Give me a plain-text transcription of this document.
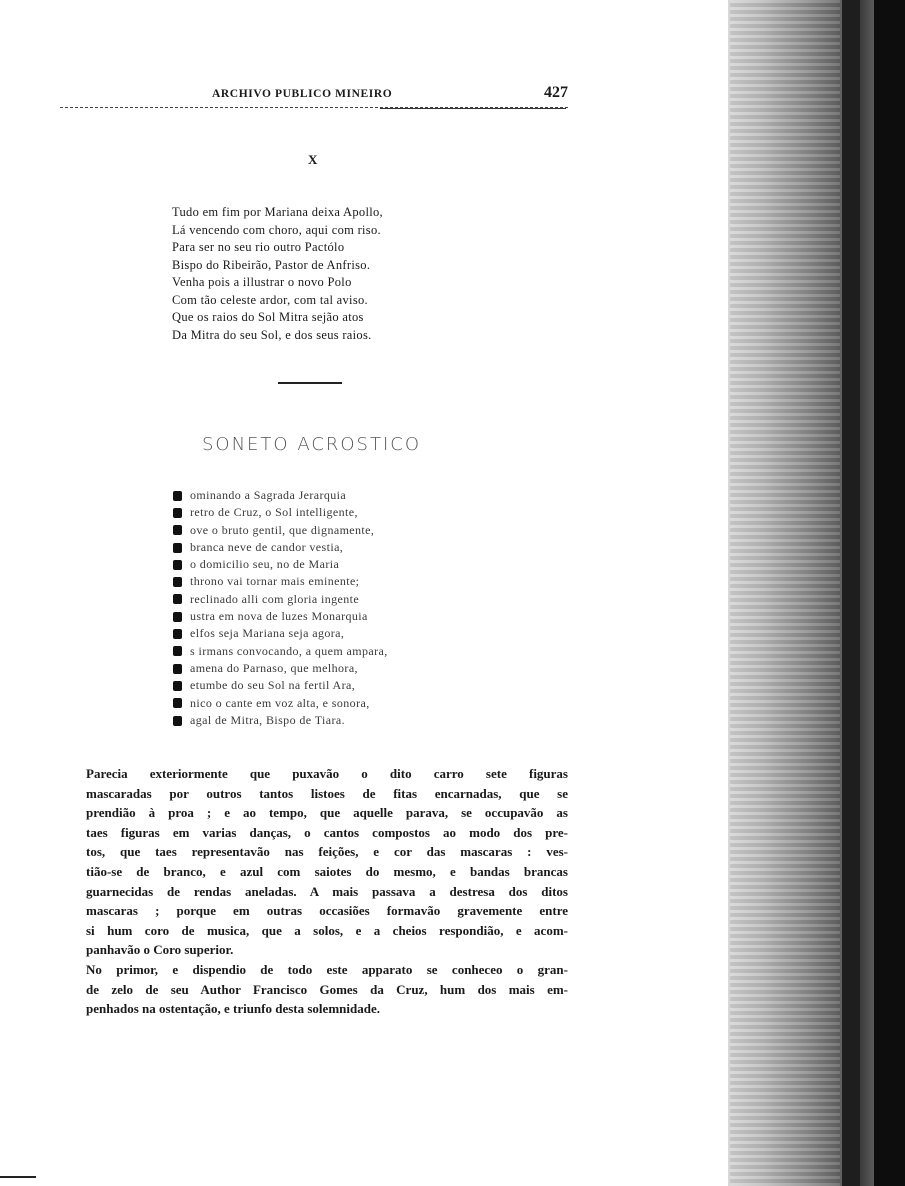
ARCHIVO PUBLICO MINEIRO	427
X
Tudo em fim por Mariana deixa Apollo,
Lá vencendo com choro, aqui com riso.
Para ser no seu rio outro Pactólo
Bispo do Ribeirão, Pastor de Anfriso.
Venha pois a illustrar o novo Polo
Com tão celeste ardor, com tal aviso.
Que os raios do Sol Mitra sejão atos
Da Mitra do seu Sol, e dos seus raios.
SONETO ACROSTICO
ominando a Sagrada Jerarquia
retro de Cruz, o Sol intelligente,
ove o bruto gentil, que dignamente,
branca neve de candor vestia,
o domicilio seu, no de Maria
throno vai tornar mais eminente;
reclinado alli com gloria ingente
ustra em nova de luzes Monarquia
elfos seja Mariana seja agora,
s irmans convocando, a quem ampara,
amena do Parnaso, que melhora,
etumbe do seu Sol na fertil Ara,
nico o cante em voz alta, e sonora,
agal de Mitra, Bispo de Tiara.

Parecia exteriormente que puxavão o dito carro sete figuras
mascaradas por outros tantos listoes de fitas encarnadas, que se
prendião à proa ; e ao tempo, que aquelle parava, se occupavão as
taes figuras em varias danças, o cantos compostos ao modo dos pre-
tos, que taes representavão nas feições, e cor das mascaras : ves-
tião-se de branco, e azul com saiotes do mesmo, e bandas brancas
guarnecidas de rendas aneladas. A mais passava a destresa dos ditos
mascaras ; porque em outras occasiões formavão gravemente entre
si hum coro de musica, que a solos, e a cheios respondião, e acom-
panhavão o Coro superior.

No primor, e dispendio de todo este apparato se conheceo o gran-
de zelo de seu Author Francisco Gomes da Cruz, hum dos mais em-
penhados na ostentação, e triunfo desta solemnidade.
